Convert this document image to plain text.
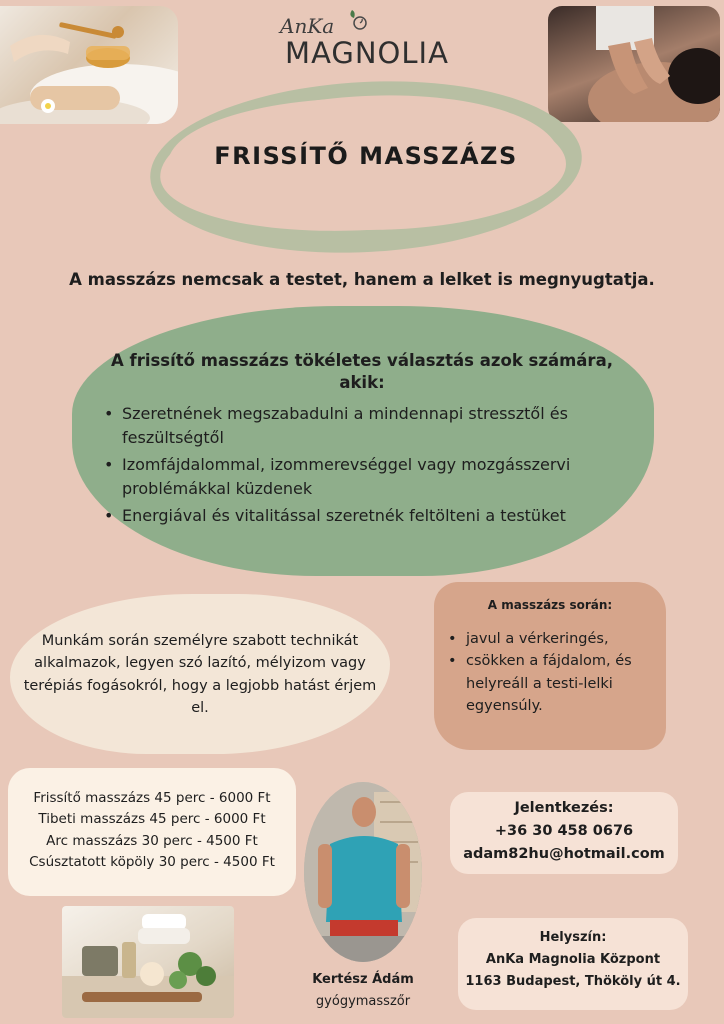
AnKa
MAGNOLIA
FRISSÍTŐ MASSZÁZS
A masszázs nemcsak a testet, hanem a lelket is megnyugtatja.
A frissítő masszázs tökéletes választás azok számára, akik:
• Szeretnének megszabadulni a mindennapi stressztől és feszültségtől
• Izomfájdalommal, izommerevséggel vagy mozgásszervi problémákkal küzdenek
• Energiával és vitalitással szeretnék feltölteni a testüket
Munkám során személyre szabott technikát alkalmazok, legyen szó lazító, mélyizom vagy terépiás fogásokról, hogy a legjobb hatást érjem el.
A masszázs során:
• javul a vérkeringés,
• csökken a fájdalom, és helyreáll a testi-lelki egyensúly.
Frissítő masszázs 45 perc - 6000 Ft
Tibeti masszázs 45 perc - 6000 Ft
Arc masszázs 30 perc - 4500 Ft
Csúsztatott köpöly 30 perc - 4500 Ft
Kertész Ádám
gyógymasszőr
Jelentkezés:
+36 30 458 0676
adam82hu@hotmail.com
Helyszín:
AnKa Magnolia Központ
1163 Budapest, Thököly út 4.
